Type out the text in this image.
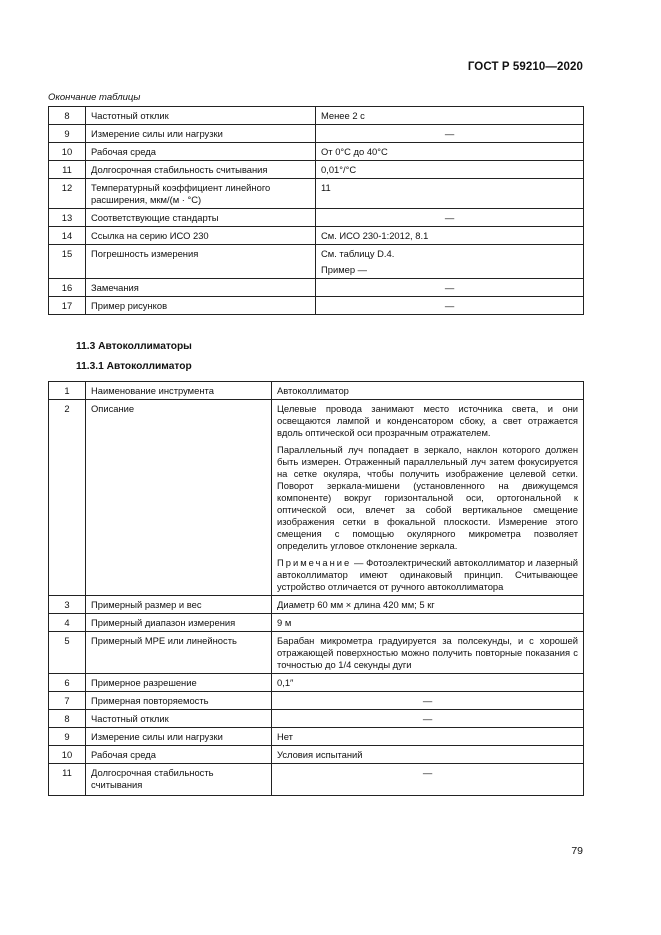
ГОСТ Р 59210—2020
Окончание таблицы
8	Частотный отклик	Менее 2 с
9	Измерение силы или нагрузки	—
10	Рабочая среда	От 0°С до 40°С
11	Долгосрочная стабильность считывания	0,01°/°С
12	Температурный коэффициент линейного расширения, мкм/(м · °С)	11
13	Соответствующие стандарты	—
14	Ссылка на серию ИСО 230	См. ИСО 230-1:2012, 8.1
15	Погрешность измерения	См. таблицу D.4.
Пример —

16	Замечания	—
17	Пример рисунков	—
11.3 Автоколлиматоры
11.3.1 Автоколлиматор
1	Наименование инструмента	Автоколлиматор
2	Описание	Целевые провода занимают место источника света, и они освещаются лампой и конденсатором сбоку, а свет отражается вдоль оптической оси прозрачным отражателем.

Параллельный луч попадает в зеркало, наклон которого должен быть измерен. Отраженный параллельный луч затем фокусируется на сетке окуляра, чтобы получить изображение целевой сетки. Поворот зеркала-мишени (установленного на движущемся компоненте) вокруг горизонтальной оси, ортогональной к оптической оси, влечет за собой вертикальное смещение изображения сетки в фокальной плоскости. Измерение этого смещения с помощью окулярного микрометра позволяет определить угловое отклонение зеркала.

Примечание — Фотоэлектрический автоколлиматор и лазерный автоколлиматор имеют одинаковый принцип. Считывающее устройство отличается от ручного автоколлиматора

3	Примерный размер и вес	Диаметр 60 мм × длина 420 мм; 5 кг
4	Примерный диапазон измерения	9 м
5	Примерный МРЕ или линейность	Барабан микрометра градуируется за полсекунды, и с хорошей отражающей поверхностью можно получить повторные показания с точностью до 1/4 секунды дуги

6	Примерное разрешение	0,1″
7	Примерная повторяемость	—
8	Частотный отклик	—
9	Измерение силы или нагрузки	Нет
10	Рабочая среда	Условия испытаний
11	Долгосрочная стабильность считывания	—
79
